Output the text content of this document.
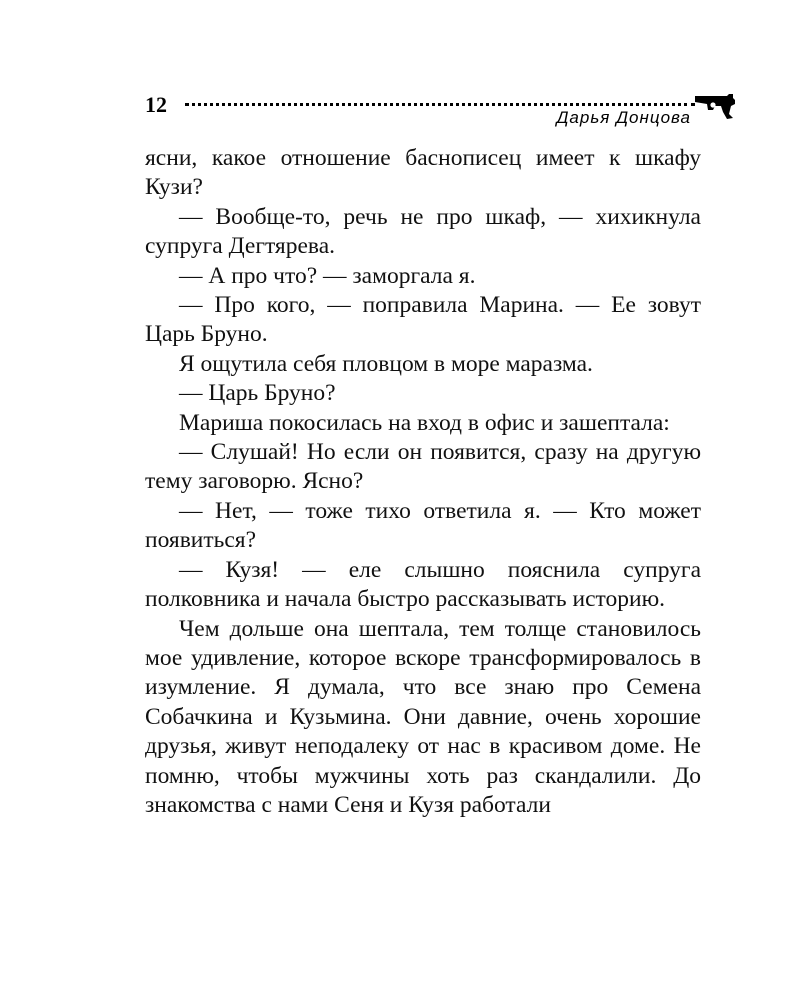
12
Дарья Донцова

ясни, какое отношение баснописец имеет к шкафу Кузи?

— Вообще-то, речь не про шкаф, — хихикнула супруга Дегтярева.

— А про что? — заморгала я.

— Про кого, — поправила Марина. — Ее зовут Царь Бруно.

Я ощутила себя пловцом в море маразма.

— Царь Бруно?

Мариша покосилась на вход в офис и зашептала:

— Слушай! Но если он появится, сразу на другую тему заговорю. Ясно?

— Нет, — тоже тихо ответила я. — Кто может появиться?

— Кузя! — еле слышно пояснила супруга полковника и начала быстро рассказывать историю.

Чем дольше она шептала, тем толще становилось мое удивление, которое вскоре трансформировалось в изумление. Я думала, что все знаю про Семена Собачкина и Кузьмина. Они давние, очень хорошие друзья, живут неподалеку от нас в красивом доме. Не помню, чтобы мужчины хоть раз скандалили. До знакомства с нами Сеня и Кузя работали
